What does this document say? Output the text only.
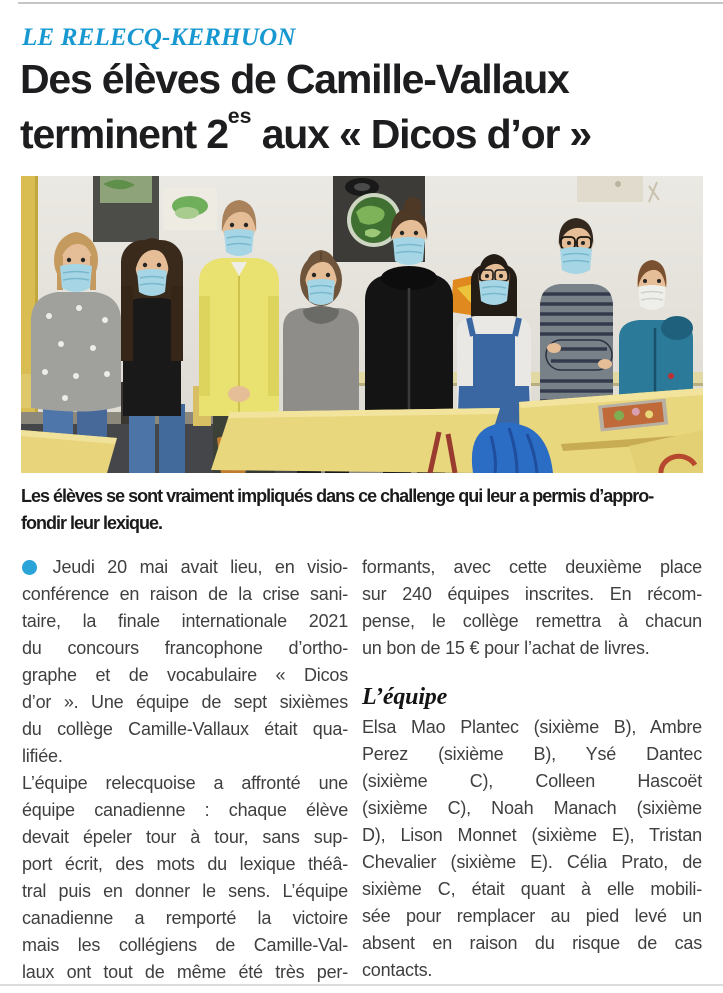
LE RELECQ-KERHUON
Des élèves de Camille-Vallaux
terminent $2^{es}$ aux « Dicos d’or »
Les élèves se sont vraiment impliqués dans ce challenge qui leur a permis d’appro-
fondir leur lexique.
Jeudi 20 mai avait lieu, en visio-
conférence en raison de la crise sani-
taire, la finale internationale 2021
du concours francophone d’ortho-
graphe et de vocabulaire « Dicos
d’or ». Une équipe de sept sixièmes
du collège Camille-Vallaux était qua-
lifiée.
L’équipe relecquoise a affronté une
équipe canadienne : chaque élève
devait épeler tour à tour, sans sup-
port écrit, des mots du lexique théâ-
tral puis en donner le sens. L’équipe
canadienne a remporté la victoire
mais les collégiens de Camille-Val-
laux ont tout de même été très per-
formants, avec cette deuxième place
sur 240 équipes inscrites. En récom-
pense, le collège remettra à chacun
un bon de 15 € pour l’achat de livres.
L’équipe
Elsa Mao Plantec (sixième B), Ambre
Perez (sixième B), Ysé Dantec
(sixième C), Colleen Hascoët
(sixième C), Noah Manach (sixième
D), Lison Monnet (sixième E), Tristan
Chevalier (sixième E). Célia Prato, de
sixième C, était quant à elle mobili-
sée pour remplacer au pied levé un
absent en raison du risque de cas
contacts.
